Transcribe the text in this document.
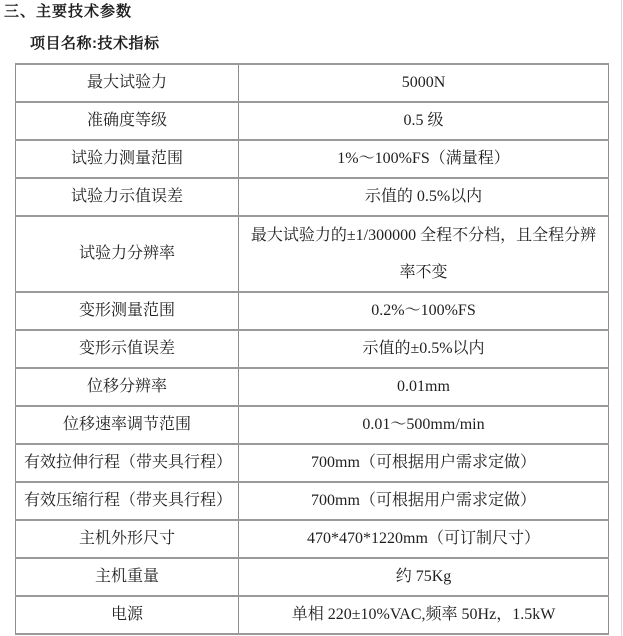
三、主要技术参数
项目名称:技术指标
最大试验力	5000N
准确度等级	0.5 级
试验力测量范围	1%～100%FS（满量程）
试验力示值误差	示值的 0.5%以内
试验力分辨率	最大试验力的±1/300000 全程不分档，且全程分辨率不变
变形测量范围	0.2%～100%FS
变形示值误差	示值的±0.5%以内
位移分辨率	0.01mm
位移速率调节范围	0.01～500mm/min
有效拉伸行程（带夹具行程）	700mm（可根据用户需求定做）
有效压缩行程（带夹具行程）	700mm（可根据用户需求定做）
主机外形尺寸	470*470*1220mm（可订制尺寸）
主机重量	约 75Kg
电源	单相 220±10%VAC,频率 50Hz，1.5kW
